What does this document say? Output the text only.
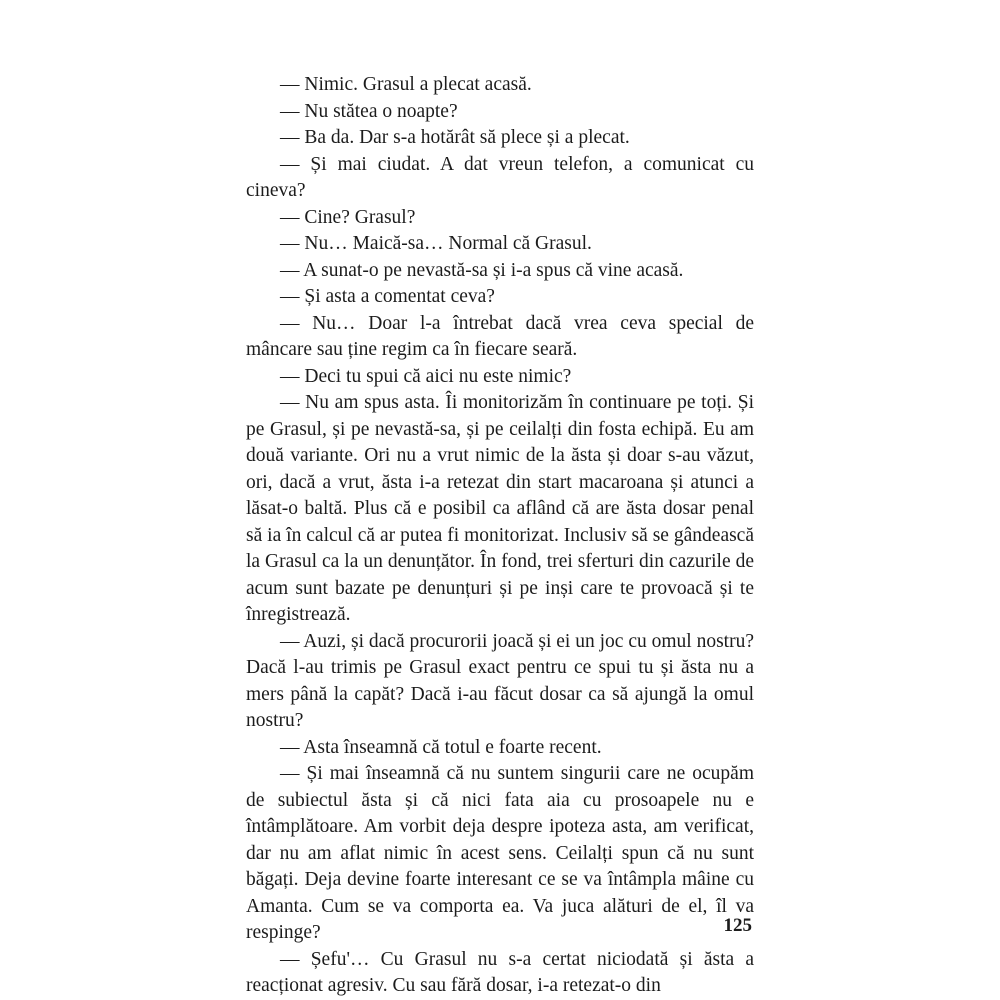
— Nimic. Grasul a plecat acasă.

— Nu stătea o noapte?

— Ba da. Dar s-a hotărât să plece și a plecat.

— Și mai ciudat. A dat vreun telefon, a comunicat cu cineva?

— Cine? Grasul?

— Nu… Maică-sa… Normal că Grasul.

— A sunat-o pe nevastă-sa și i-a spus că vine acasă.

— Și asta a comentat ceva?

— Nu… Doar l-a întrebat dacă vrea ceva special de mâncare sau ține regim ca în fiecare seară.

— Deci tu spui că aici nu este nimic?

— Nu am spus asta. Îi monitorizăm în continuare pe toți. Și pe Grasul, și pe nevastă-sa, și pe ceilalți din fosta echipă. Eu am două variante. Ori nu a vrut nimic de la ăsta și doar s-au văzut, ori, dacă a vrut, ăsta i-a retezat din start macaroana și atunci a lăsat-o baltă. Plus că e posibil ca aflând că are ăsta dosar penal să ia în calcul că ar putea fi monitorizat. Inclusiv să se gândească la Grasul ca la un denunțător. În fond, trei sferturi din cazurile de acum sunt bazate pe denunțuri și pe inși care te provoacă și te înregistrează.

— Auzi, și dacă procurorii joacă și ei un joc cu omul nostru? Dacă l-au trimis pe Grasul exact pentru ce spui tu și ăsta nu a mers până la capăt? Dacă i-au făcut dosar ca să ajungă la omul nostru?

— Asta înseamnă că totul e foarte recent.

— Și mai înseamnă că nu suntem singurii care ne ocupăm de subiectul ăsta și că nici fata aia cu prosoapele nu e întâmplătoare. Am vorbit deja despre ipoteza asta, am verificat, dar nu am aflat nimic în acest sens. Ceilalți spun că nu sunt băgați. Deja devine foarte interesant ce se va întâmpla mâine cu Amanta. Cum se va comporta ea. Va juca alături de el, îl va respinge?

— Șefu'… Cu Grasul nu s-a certat niciodată și ăsta a reacționat agresiv. Cu sau fără dosar, i-a retezat-o din

125
